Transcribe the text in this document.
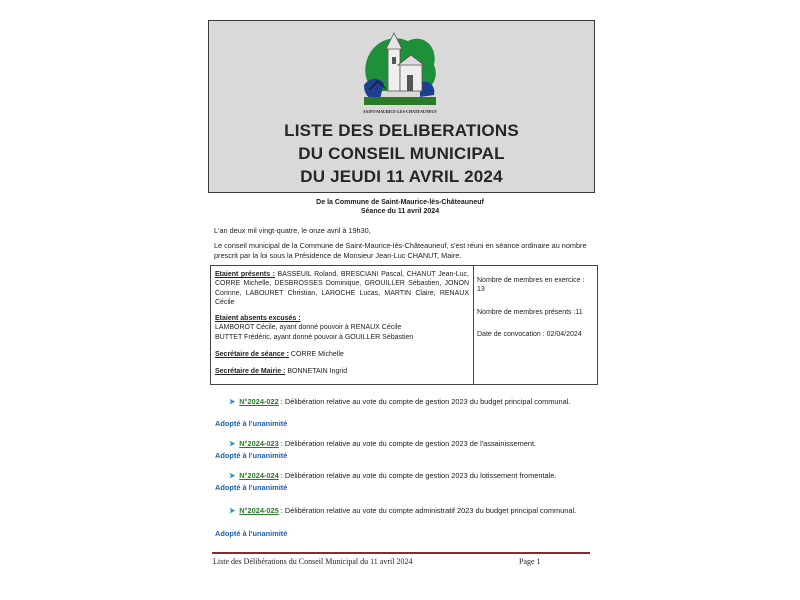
SAINT-MAURICE-LES-CHATEAUNEUF
LISTE DES DELIBERATIONS
DU CONSEIL MUNICIPAL
DU JEUDI 11 AVRIL 2024
De la Commune de Saint-Maurice-lès-Châteauneuf
Séance du 11 avril 2024
L'an deux mil vingt-quatre, le onze avril à 19h30,
Le conseil municipal de la Commune de Saint-Maurice-lès-Châteauneuf, s'est réuni en séance ordinaire au nombre prescrit par la loi sous la Présidence de Monsieur Jean-Luc CHANUT, Maire.
Etaient présents : BASSEUIL Roland, BRESCIANI Pascal, CHANUT Jean-Luc, CORRE Michelle, DESBROSSES Dominique, GROUILLER Sébastien, JONON Corinne, LABOURET Christian, LAROCHE Lucas, MARTIN Claire, RENAUX Cécile
Etaient absents excusés :
LAMBOROT Cécile, ayant donné pouvoir à RENAUX Cécile
BUTTET Frédéric, ayant donné pouvoir à GOUILLER Sébastien
Secrétaire de séance : CORRE Michelle
Secrétaire de Mairie : BONNETAIN Ingrid
Nombre de membres en exercice : 13
Nombre de membres présents :11
Date de convocation : 02/04/2024
➤ N°2024-022 : Délibération relative au vote du compte de gestion 2023 du budget principal communal.
Adopté à l'unanimité
➤ N°2024-023 : Délibération relative au vote du compte de gestion 2023 de l'assainissement.
Adopté à l'unanimité
➤ N°2024-024 : Délibération relative au vote du compte de gestion 2023 du lotissement fromentale.
Adopté à l'unanimité
➤ N°2024-025 : Délibération relative au vote du compte administratif 2023 du budget principal communal.
Adopté à l'unanimité
Liste des Délibérations du Conseil Municipal du 11 avril 2024	Page 1
